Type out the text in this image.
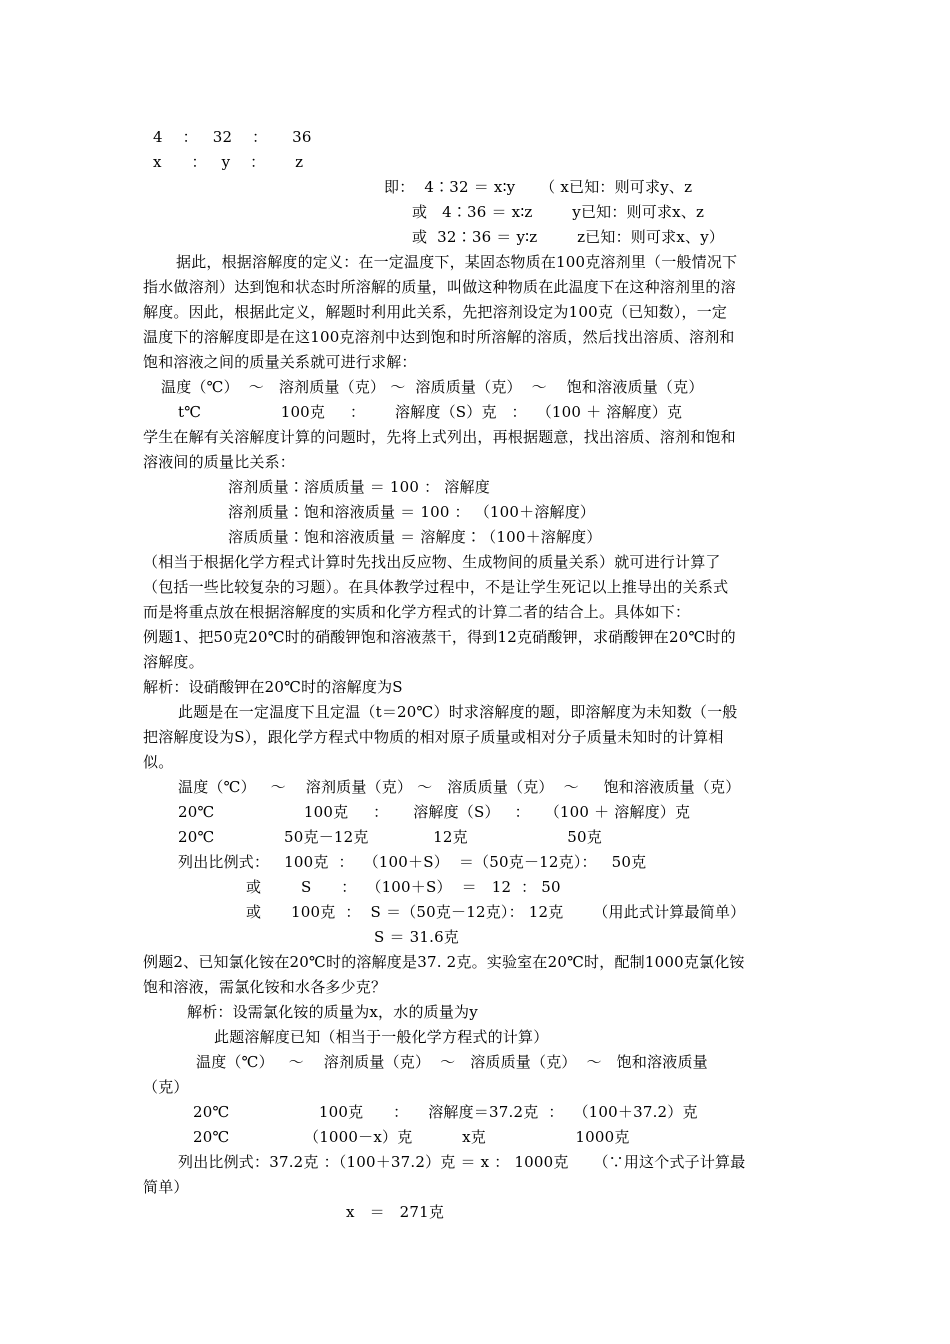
4    ：   32    ：     36
x      ：   y    ：      z
即：  4∶32 ＝ x∶y     （ x已知：则可求y、z
或   4∶36 ＝ x∶z        y已知：则可求x、z
或  32∶36 ＝ y∶z        z已知：则可求x、y）
据此，根据溶解度的定义：在一定温度下，某固态物质在100克溶剂里（一般情况下
指水做溶剂）达到饱和状态时所溶解的质量，叫做这种物质在此温度下在这种溶剂里的溶
解度。因此，根据此定义，解题时利用此关系，先把溶剂设定为100克（已知数），一定
温度下的溶解度即是在这100克溶剂中达到饱和时所溶解的溶质，然后找出溶质、溶剂和
饱和溶液之间的质量关系就可进行求解：
温度（℃）  ～   溶剂质量（克） ～  溶质质量（克）  ～    饱和溶液质量（克）
t℃                100克     ：      溶解度（S）克   ：  （100 ＋ 溶解度）克
学生在解有关溶解度计算的问题时，先将上式列出，再根据题意，找出溶质、溶剂和饱和
溶液间的质量比关系：
溶剂质量∶溶质质量 ＝ 100 ： 溶解度
溶剂质量∶饱和溶液质量 ＝ 100 ： （100＋溶解度）
溶质质量∶饱和溶液质量 ＝ 溶解度∶（100＋溶解度）
（相当于根据化学方程式计算时先找出反应物、生成物间的质量关系）就可进行计算了
（包括一些比较复杂的习题）。在具体教学过程中，不是让学生死记以上推导出的关系式
而是将重点放在根据溶解度的实质和化学方程式的计算二者的结合上。具体如下：
例题1、把50克20℃时的硝酸钾饱和溶液蒸干，得到12克硝酸钾，求硝酸钾在20℃时的
溶解度。
解析：设硝酸钾在20℃时的溶解度为S
此题是在一定温度下且定温（t＝20℃）时求溶解度的题，即溶解度为未知数（一般
把溶解度设为S），跟化学方程式中物质的相对原子质量或相对分子质量未知时的计算相
似。
温度（℃）   ～    溶剂质量（克） ～   溶质质量（克）  ～     饱和溶液质量（克）
20℃                  100克     ：     溶解度（S）   ：   （100 ＋ 溶解度）克
20℃              50克－12克             12克                    50克
列出比例式：   100克  ：  （100＋S）  ＝（50克－12克）：   50克
或        S      ：  （100＋S）  ＝   12  ： 50
或      100克  ：  S ＝（50克－12克）： 12克      （用此式计算最简单）
S ＝ 31.6克
例题2、已知氯化铵在20℃时的溶解度是37. 2克。实验室在20℃时，配制1000克氯化铵
饱和溶液，需氯化铵和水各多少克？
解析：设需氯化铵的质量为x，水的质量为y
此题溶解度已知（相当于一般化学方程式的计算）
温度（℃）   ～    溶剂质量（克）  ～   溶质质量（克）  ～   饱和溶液质量
（克）
20℃                  100克      ：    溶解度＝37.2克  ：  （100＋37.2）克
20℃               （1000－x）克          x克                  1000克
列出比例式：37.2克 ：（100＋37.2）克 ＝ x ： 1000克     （∵用这个式子计算最
简单）
x   ＝   271克
